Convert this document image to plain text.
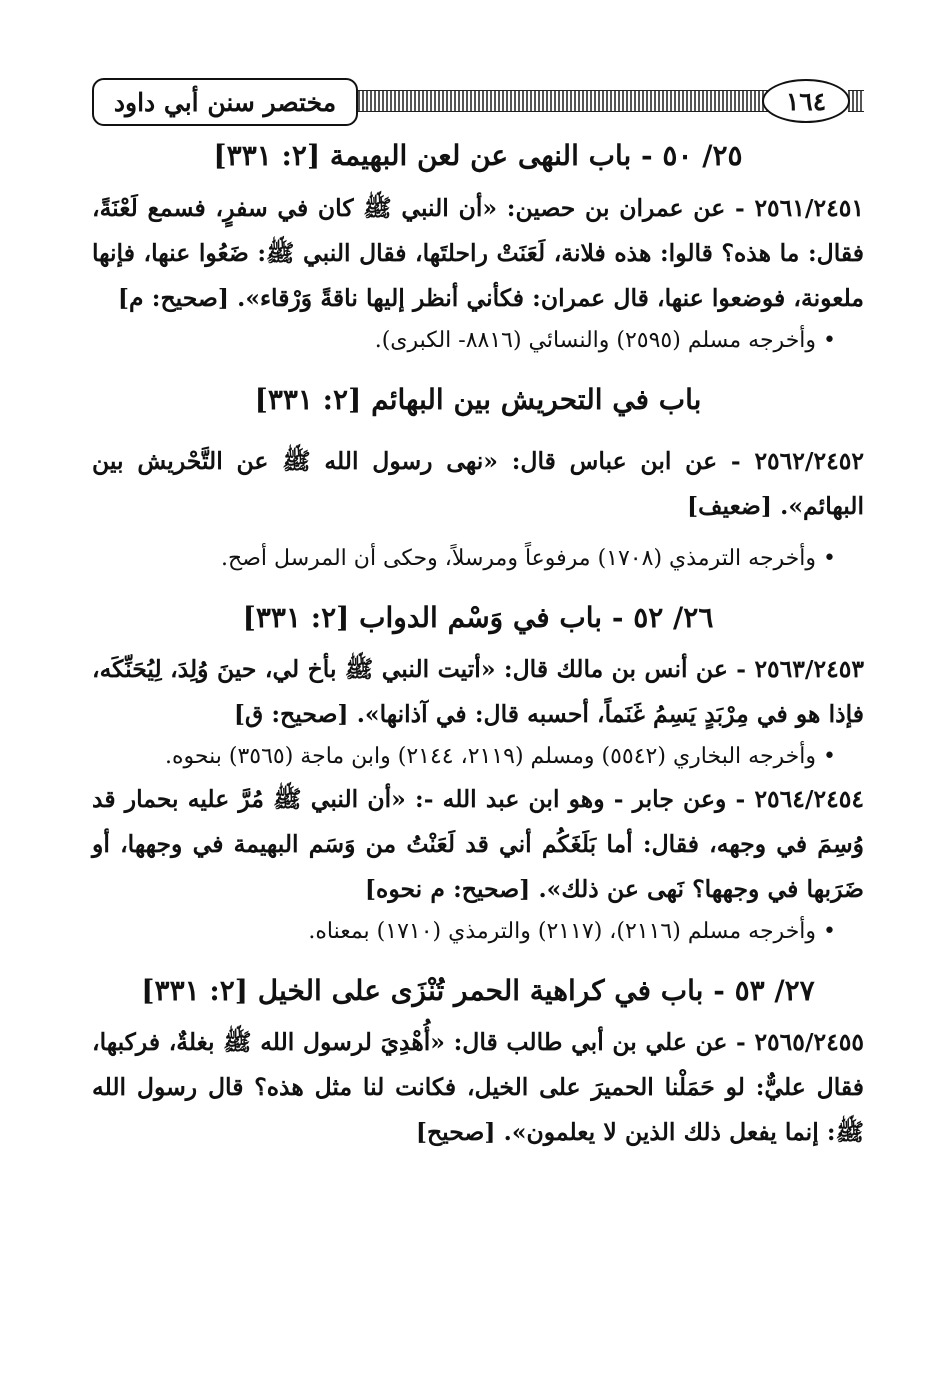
مختصر سنن أبي داود	١٦٤
٢٥/ ٥٠ - باب النهى عن لعن البهيمة [٢: ٣٣١]

٢٥٦١/٢٤٥١ - عن عمران بن حصين: «أن النبي ﷺ كان في سفرٍ، فسمع لَعْنَةً، فقال: ما هذه؟ قالوا: هذه فلانة، لَعَنَتْ راحلتَها، فقال النبي ﷺ: ضَعُوا عنها، فإنها ملعونة، فوضعوا عنها، قال عمران: فكأني أنظر إليها ناقةً وَرْقاء». [صحيح: م]

• وأخرجه مسلم (٢٥٩٥) والنسائي (٨٨١٦- الكبرى).

باب في التحريش بين البهائم [٢: ٣٣١]

٢٥٦٢/٢٤٥٢ - عن ابن عباس قال: «نهى رسول الله ﷺ عن التَّحْريش بين البهائم». [ضعيف]

• وأخرجه الترمذي (١٧٠٨) مرفوعاً ومرسلاً، وحكى أن المرسل أصح.

٢٦/ ٥٢ - باب في وَسْم الدواب [٢: ٣٣١]

٢٥٦٣/٢٤٥٣ - عن أنس بن مالك قال: «أتيت النبي ﷺ بأخ لي، حينَ وُلِدَ، لِيُحَنِّكَه، فإذا هو في مِرْبَدٍ يَسِمُ غَنَماً، أحسبه قال: في آذانها». [صحيح: ق]

• وأخرجه البخاري (٥٥٤٢) ومسلم (٢١١٩، ٢١٤٤) وابن ماجة (٣٥٦٥) بنحوه.

٢٥٦٤/٢٤٥٤ - وعن جابر - وهو ابن عبد الله -: «أن النبي ﷺ مُرَّ عليه بحمار قد وُسِمَ في وجهه، فقال: أما بَلَغَكُم أني قد لَعَنْتُ من وَسَم البهيمة في وجهها، أو ضَرَبها في وجهها؟ نَهى عن ذلك». [صحيح: م نحوه]

• وأخرجه مسلم (٢١١٦)، (٢١١٧) والترمذي (١٧١٠) بمعناه.

٢٧/ ٥٣ - باب في كراهية الحمر تُنْزَى على الخيل [٢: ٣٣١]

٢٥٦٥/٢٤٥٥ - عن علي بن أبي طالب قال: «أُهْدِيَ لرسول الله ﷺ بغلةٌ، فركبها، فقال عليٌّ: لو حَمَلْنا الحميرَ على الخيل، فكانت لنا مثل هذه؟ قال رسول الله ﷺ: إنما يفعل ذلك الذين لا يعلمون». [صحيح]
